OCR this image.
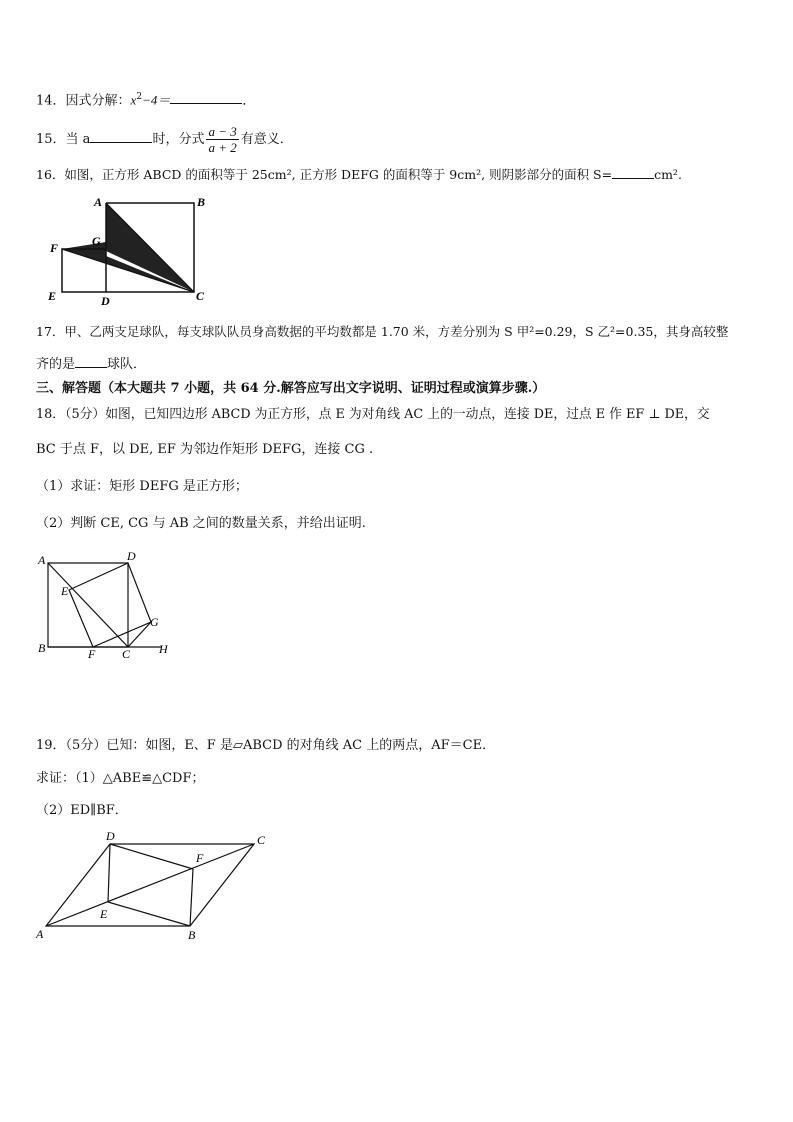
14．因式分解：$x^2-4=$	．
15．当 a	时，分式 $\frac{a - 3}{a + 2}$ 有意义．
16．如图，正方形 ABCD 的面积等于 25cm², 正方形 DEFG 的面积等于 9cm², 则阴影部分的面积 S=	cm².
A	B
C
D
E
F	G
17．甲、乙两支足球队，每支球队队员身高数据的平均数都是 1.70 米，方差分别为 S 甲²=0.29，S 乙²=0.35，其身高较整
齐的是 球队．
三、解答题（本大题共 7 小题，共 64 分.解答应写出文字说明、证明过程或演算步骤.）
18．（5分）如图，已知四边形 ABCD 为正方形，点 E 为对角线 AC 上的一动点，连接 DE，过点 E 作 EF ⊥ DE，交
BC 于点 F，以 DE, EF 为邻边作矩形 DEFG，连接 CG .
（1）求证：矩形 DEFG 是正方形；
（2）判断 CE, CG 与 AB 之间的数量关系，并给出证明.
A	D
E
G
B	F C H
19．（5分）已知：如图，E、F 是▱ABCD 的对角线 AC 上的两点，AF＝CE．
求证：（1）△ABE≌△CDF；
（2）ED∥BF．
D	C
F
E
A	B
